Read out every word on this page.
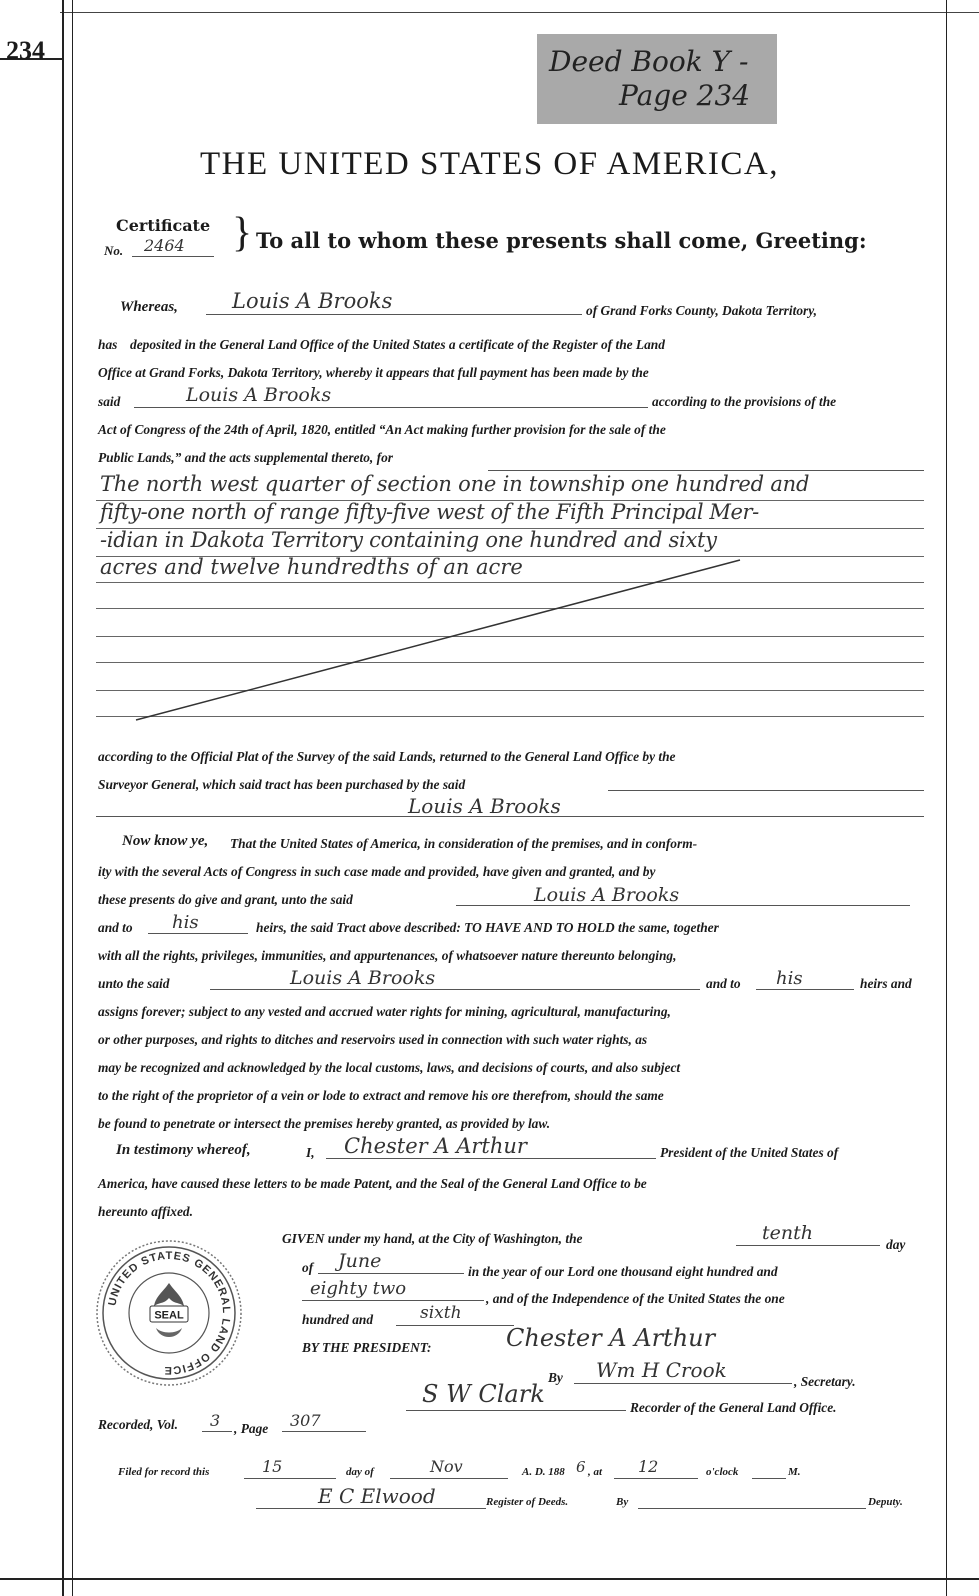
234	Deed Book Y -
Page 234
THE UNITED STATES OF AMERICA,
Certificate
No. 2464 } To all to whom these presents shall come, Greeting:
Whereas,	Louis A Brooks	of Grand Forks County, Dakota Territory,
has deposited in the General Land Office of the United States a certificate of the Register of the Land
Office at Grand Forks, Dakota Territory, whereby it appears that full payment has been made by the
said	Louis A Brooks	according to the provisions of the
Act of Congress of the 24th of April, 1820, entitled “An Act making further provision for the sale of the
Public Lands,” and the acts supplemental thereto, for
The north west quarter of section one in township one hundred and
fifty-one north of range fifty-five west of the Fifth Principal Mer-
-idian in Dakota Territory containing one hundred and sixty
acres and twelve hundredths of an acre
according to the Official Plat of the Survey of the said Lands, returned to the General Land Office by the
Surveyor General, which said tract has been purchased by the said
Louis A Brooks
Now know ye, That the United States of America, in consideration of the premises, and in conform-
ity with the several Acts of Congress in such case made and provided, have given and granted, and by
these presents do give and grant, unto the said	Louis A Brooks
and to his	heirs, the said Tract above described: TO HAVE AND TO HOLD the same, together
with all the rights, privileges, immunities, and appurtenances, of whatsoever nature thereunto belonging,
unto the said	Louis A Brooks	and to his	heirs and
assigns forever; subject to any vested and accrued water rights for mining, agricultural, manufacturing,
or other purposes, and rights to ditches and reservoirs used in connection with such water rights, as
may be recognized and acknowledged by the local customs, laws, and decisions of courts, and also subject
to the right of the proprietor of a vein or lode to extract and remove his ore therefrom, should the same
be found to penetrate or intersect the premises hereby granted, as provided by law.
In testimony whereof,	I, Chester A Arthur	President of the United States of
America, have caused these letters to be made Patent, and the Seal of the General Land Office to be
hereunto affixed.
UNITED STATES GENERAL LAND OFFICE
SEAL
GIVEN under my hand, at the City of Washington, the	tenth
day
of June	in the year of our Lord one thousand eight hundred and
eighty two	, and of the Independence of the United States the one
hundred and	sixth
BY THE PRESIDENT:	Chester A Arthur
By Wm H Crook	, Secretary.
S W Clark	Recorder of the General Land Office.
Recorded, Vol. 3 , Page 307
Filed for record this	15	day of	Nov	A. D. 188 6 , at 12	o'clock	M.
E C Elwood	Register of Deeds.	By	Deputy.
